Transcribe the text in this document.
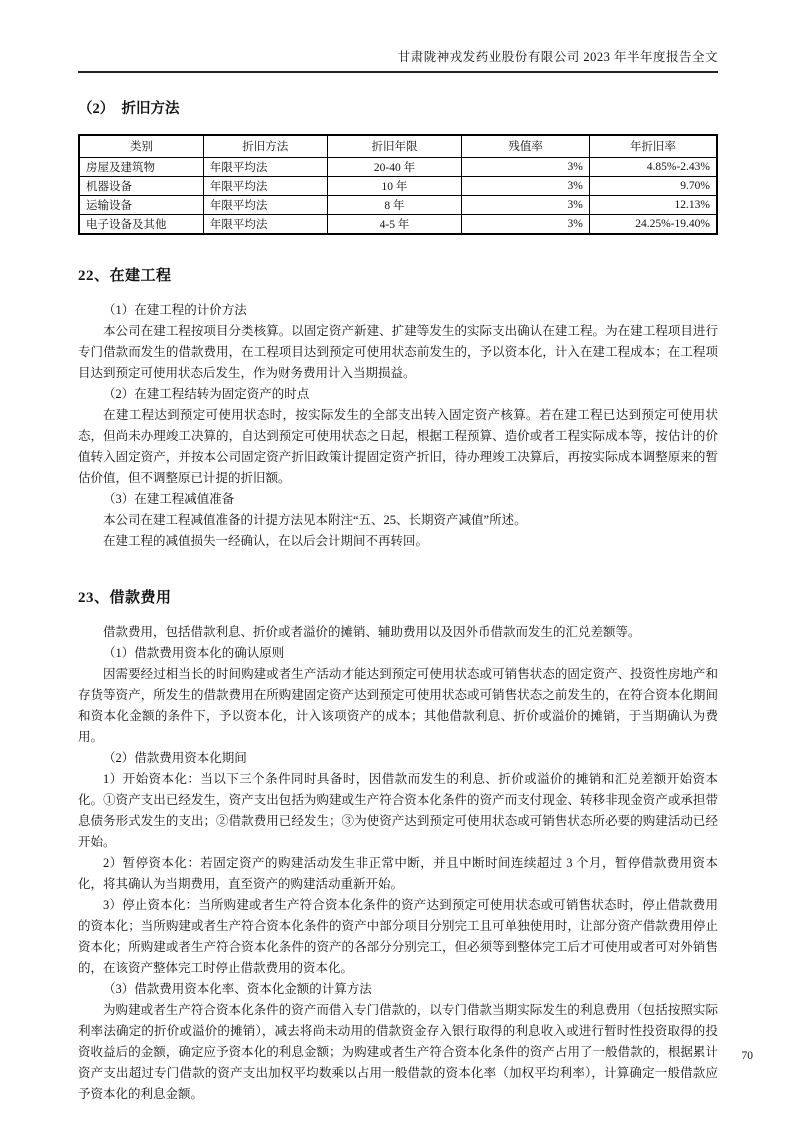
甘肃陇神戎发药业股份有限公司 2023 年半年度报告全文
（2）　折旧方法
类别	折旧方法	折旧年限	残值率	年折旧率
房屋及建筑物	年限平均法	20-40 年	3%	4.85%-2.43%
机器设备	年限平均法	10 年	3%	9.70%
运输设备	年限平均法	8 年	3%	12.13%
电子设备及其他	年限平均法	4-5 年	3%	24.25%-19.40%
22、在建工程

（1）在建工程的计价方法

本公司在建工程按项目分类核算。以固定资产新建、扩建等发生的实际支出确认在建工程。为在建工程项目进行专门借款而发生的借款费用，在工程项目达到预定可使用状态前发生的，予以资本化，计入在建工程成本；在工程项目达到预定可使用状态后发生，作为财务费用计入当期损益。

（2）在建工程结转为固定资产的时点

在建工程达到预定可使用状态时，按实际发生的全部支出转入固定资产核算。若在建工程已达到预定可使用状态，但尚未办理竣工决算的，自达到预定可使用状态之日起，根据工程预算、造价或者工程实际成本等，按估计的价值转入固定资产，并按本公司固定资产折旧政策计提固定资产折旧，待办理竣工决算后，再按实际成本调整原来的暂估价值，但不调整原已计提的折旧额。

（3）在建工程减值准备

本公司在建工程减值准备的计提方法见本附注“五、25、长期资产减值”所述。

在建工程的减值损失一经确认，在以后会计期间不再转回。

23、借款费用

借款费用，包括借款利息、折价或者溢价的摊销、辅助费用以及因外币借款而发生的汇兑差额等。

（1）借款费用资本化的确认原则

因需要经过相当长的时间购建或者生产活动才能达到预定可使用状态或可销售状态的固定资产、投资性房地产和存货等资产，所发生的借款费用在所购建固定资产达到预定可使用状态或可销售状态之前发生的，在符合资本化期间和资本化金额的条件下，予以资本化，计入该项资产的成本；其他借款利息、折价或溢价的摊销，于当期确认为费用。

（2）借款费用资本化期间

1）开始资本化：当以下三个条件同时具备时，因借款而发生的利息、折价或溢价的摊销和汇兑差额开始资本化。①资产支出已经发生，资产支出包括为购建或生产符合资本化条件的资产而支付现金、转移非现金资产或承担带息债务形式发生的支出；②借款费用已经发生；③为使资产达到预定可使用状态或可销售状态所必要的购建活动已经开始。

2）暂停资本化：若固定资产的购建活动发生非正常中断，并且中断时间连续超过 3 个月，暂停借款费用资本化，将其确认为当期费用，直至资产的购建活动重新开始。

3）停止资本化：当所购建或者生产符合资本化条件的资产达到预定可使用状态或可销售状态时，停止借款费用的资本化；当所购建或者生产符合资本化条件的资产中部分项目分别完工且可单独使用时，让部分资产借款费用停止资本化；所购建或者生产符合资本化条件的资产的各部分分别完工，但必须等到整体完工后才可使用或者可对外销售的，在该资产整体完工时停止借款费用的资本化。

（3）借款费用资本化率、资本化金额的计算方法

为购建或者生产符合资本化条件的资产而借入专门借款的，以专门借款当期实际发生的利息费用（包括按照实际利率法确定的折价或溢价的摊销），减去将尚未动用的借款资金存入银行取得的利息收入或进行暂时性投资取得的投资收益后的金额，确定应予资本化的利息金额；为购建或者生产符合资本化条件的资产占用了一般借款的，根据累计资产支出超过专门借款的资产支出加权平均数乘以占用一般借款的资本化率（加权平均利率），计算确定一般借款应予资本化的利息金额。

70
